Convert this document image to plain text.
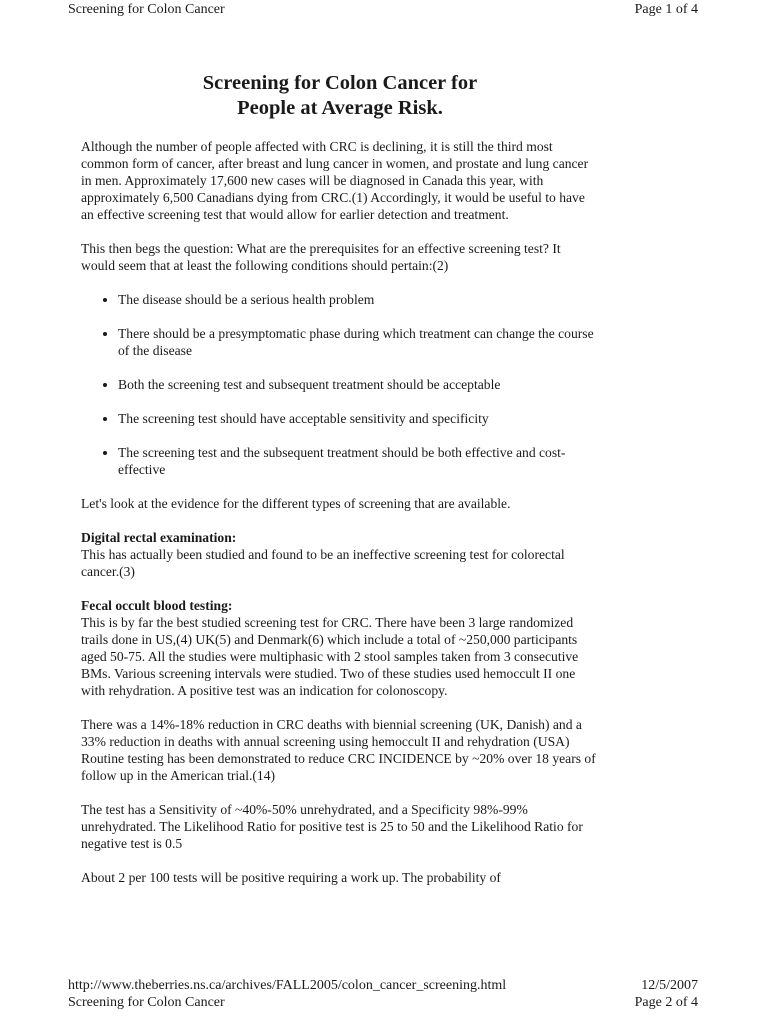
Screening for Colon Cancer	Page 1 of 4
Screening for Colon Cancer for
People at Average Risk.

Although the number of people affected with CRC is declining, it is still the third most common form of cancer, after breast and lung cancer in women, and prostate and lung cancer in men. Approximately 17,600 new cases will be diagnosed in Canada this year, with approximately 6,500 Canadians dying from CRC.(1) Accordingly, it would be useful to have an effective screening test that would allow for earlier detection and treatment.

This then begs the question: What are the prerequisites for an effective screening test? It would seem that at least the following conditions should pertain:(2)

• The disease should be a serious health problem
• There should be a presymptomatic phase during which treatment can change the course of the disease
• Both the screening test and subsequent treatment should be acceptable
• The screening test should have acceptable sensitivity and specificity
• The screening test and the subsequent treatment should be both effective and cost-effective

Let's look at the evidence for the different types of screening that are available.

Digital rectal examination:

This has actually been studied and found to be an ineffective screening test for colorectal cancer.(3)

Fecal occult blood testing:

This is by far the best studied screening test for CRC. There have been 3 large randomized trails done in US,(4) UK(5) and Denmark(6) which include a total of ~250,000 participants aged 50-75. All the studies were multiphasic with 2 stool samples taken from 3 consecutive BMs. Various screening intervals were studied. Two of these studies used hemoccult II one with rehydration. A positive test was an indication for colonoscopy.

There was a 14%-18% reduction in CRC deaths with biennial screening (UK, Danish) and a 33% reduction in deaths with annual screening using hemoccult II and rehydration (USA) Routine testing has been demonstrated to reduce CRC INCIDENCE by ~20% over 18 years of follow up in the American trial.(14)

The test has a Sensitivity of ~40%-50% unrehydrated, and a Specificity 98%-99% unrehydrated. The Likelihood Ratio for positive test is 25 to 50 and the Likelihood Ratio for negative test is 0.5

About 2 per 100 tests will be positive requiring a work up. The probability of

http://www.theberries.ns.ca/archives/FALL2005/colon_cancer_screening.html	12/5/2007
Screening for Colon Cancer	Page 2 of 4
